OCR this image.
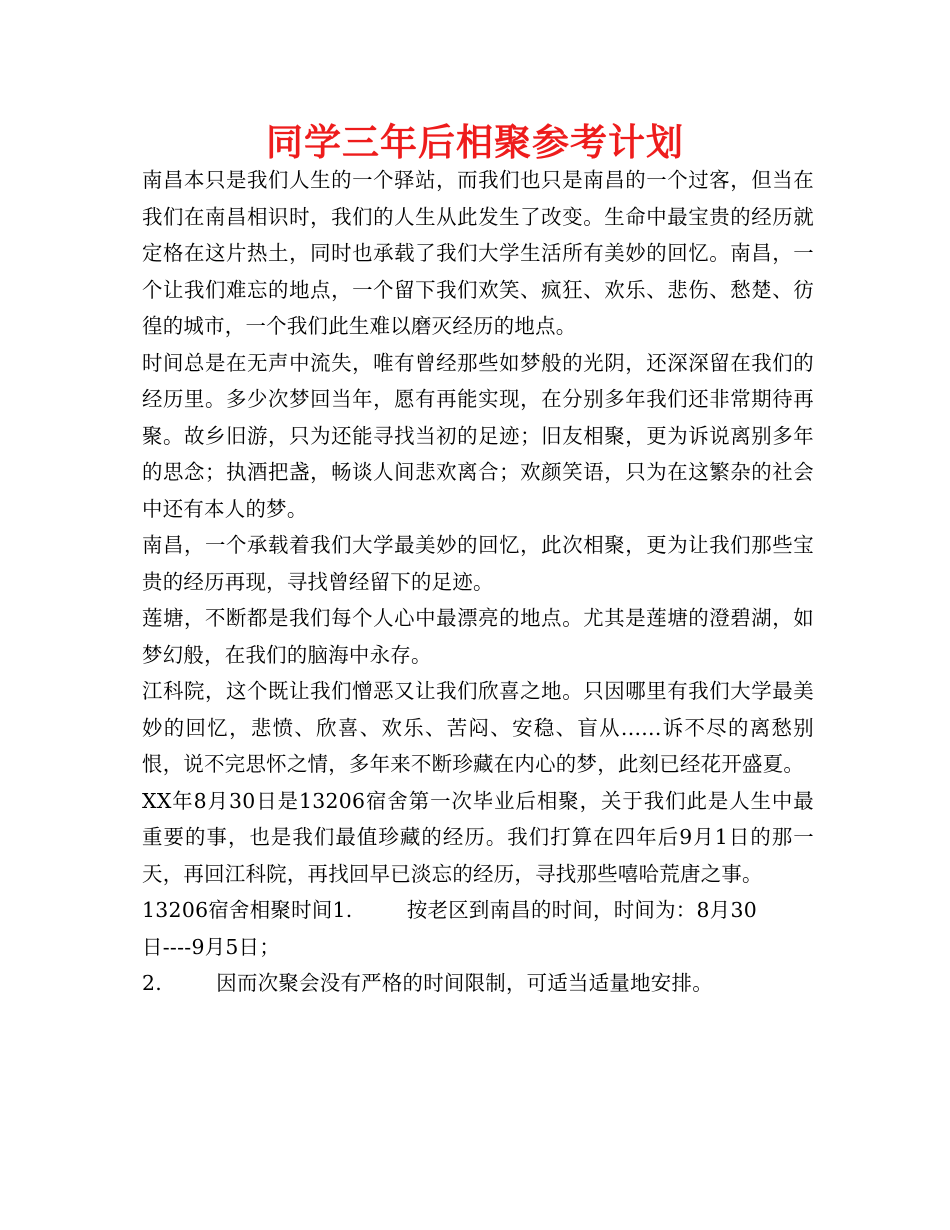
同学三年后相聚参考计划

南昌本只是我们人生的一个驿站，而我们也只是南昌的一个过客，但当在我们在南昌相识时，我们的人生从此发生了改变。生命中最宝贵的经历就定格在这片热土，同时也承载了我们大学生活所有美妙的回忆。南昌，一个让我们难忘的地点，一个留下我们欢笑、疯狂、欢乐、悲伤、愁楚、彷徨的城市，一个我们此生难以磨灭经历的地点。

时间总是在无声中流失，唯有曾经那些如梦般的光阴，还深深留在我们的经历里。多少次梦回当年，愿有再能实现，在分别多年我们还非常期待再聚。故乡旧游，只为还能寻找当初的足迹；旧友相聚，更为诉说离别多年的思念；执酒把盏，畅谈人间悲欢离合；欢颜笑语，只为在这繁杂的社会中还有本人的梦。

南昌，一个承载着我们大学最美妙的回忆，此次相聚，更为让我们那些宝贵的经历再现，寻找曾经留下的足迹。

莲塘，不断都是我们每个人心中最漂亮的地点。尤其是莲塘的澄碧湖，如梦幻般，在我们的脑海中永存。

江科院，这个既让我们憎恶又让我们欣喜之地。只因哪里有我们大学最美妙的回忆，悲愤、欣喜、欢乐、苦闷、安稳、盲从......诉不尽的离愁别恨，说不完思怀之情，多年来不断珍藏在内心的梦，此刻已经花开盛夏。

XX年8月30日是13206宿舍第一次毕业后相聚，关于我们此是人生中最重要的事，也是我们最值珍藏的经历。我们打算在四年后9月1日的那一天，再回江科院，再找回早已淡忘的经历，寻找那些嘻哈荒唐之事。

13206宿舍相聚时间1.        按老区到南昌的时间，时间为：8月30

日----9月5日；

2.        因而次聚会没有严格的时间限制，可适当适量地安排。
